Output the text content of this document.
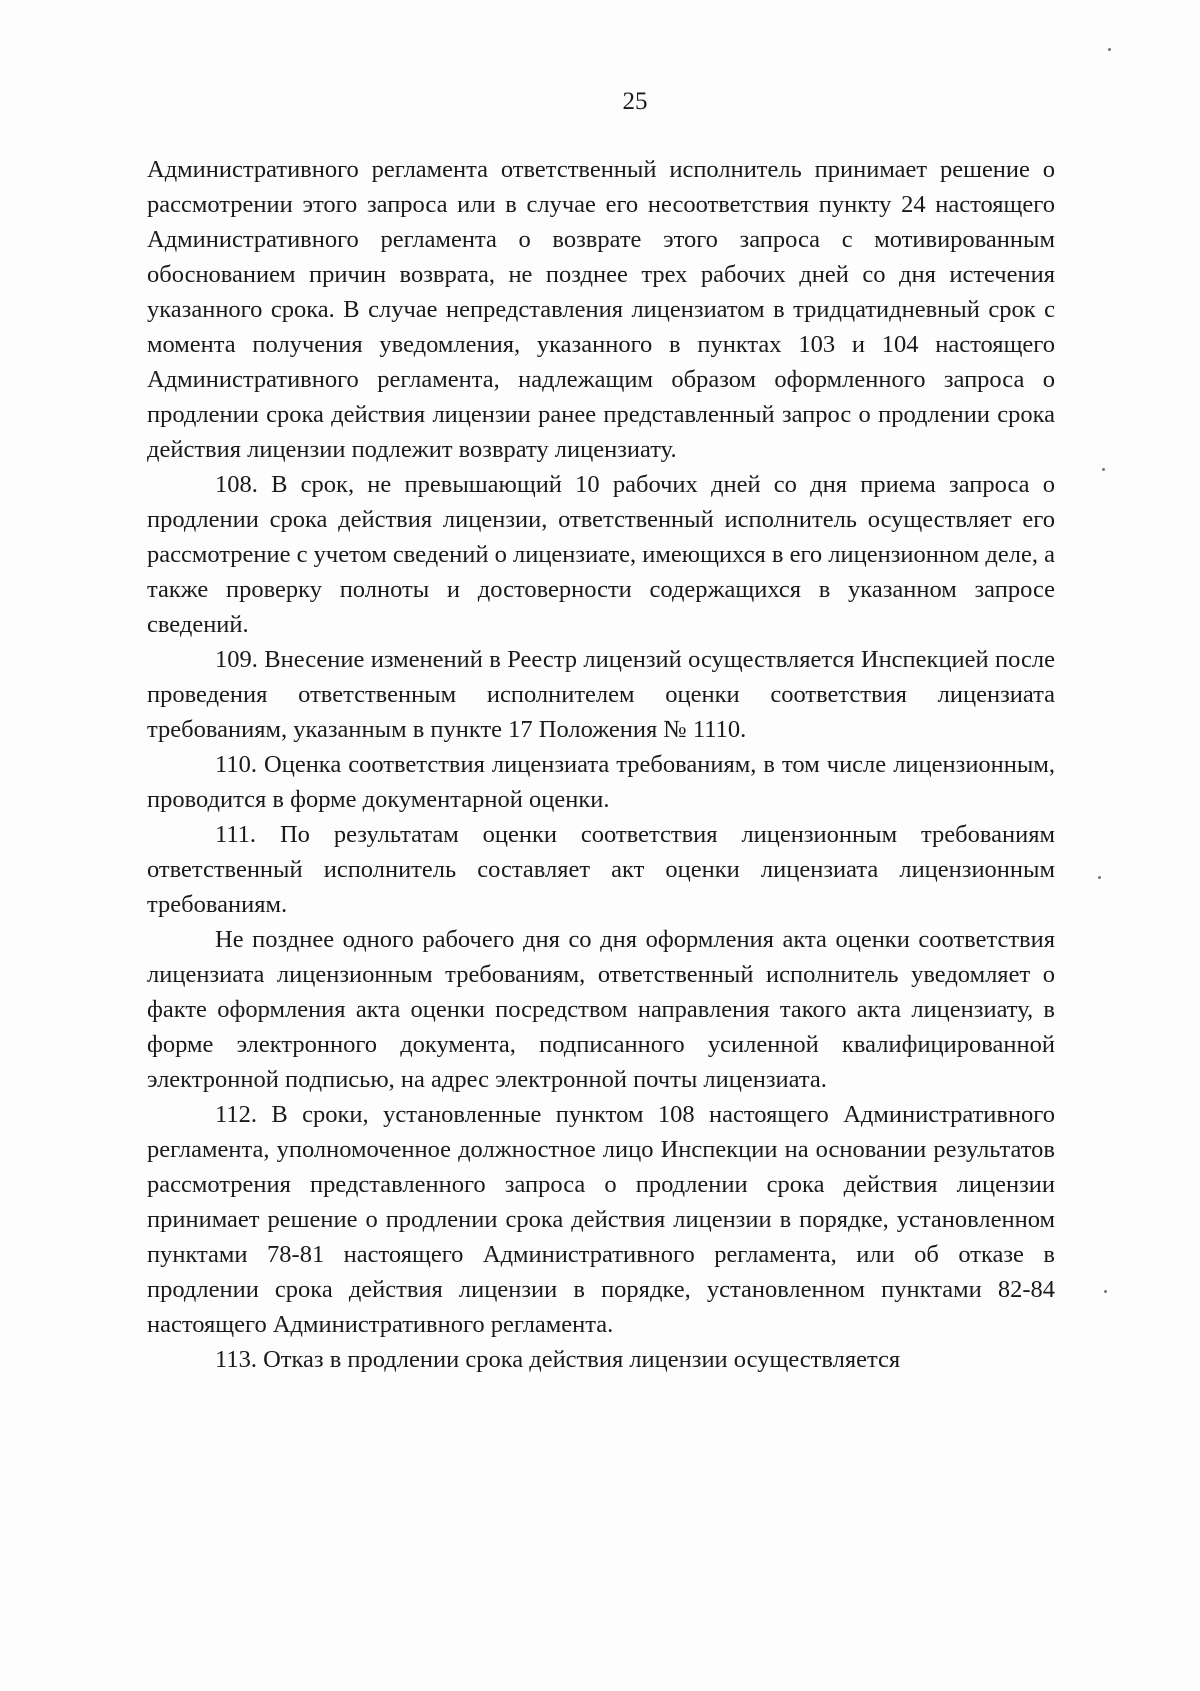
25

Административного регламента ответственный исполнитель принимает решение о рассмотрении этого запроса или в случае его несоответствия пункту 24 настоящего Административного регламента о возврате этого запроса с мотивированным обоснованием причин возврата, не позднее трех рабочих дней со дня истечения указанного срока. В случае непредставления лицензиатом в тридцатидневный срок с момента получения уведомления, указанного в пунктах 103 и 104 настоящего Административного регламента, надлежащим образом оформленного запроса о продлении срока действия лицензии ранее представленный запрос о продлении срока действия лицензии подлежит возврату лицензиату.

108. В срок, не превышающий 10 рабочих дней со дня приема запроса о продлении срока действия лицензии, ответственный исполнитель осуществляет его рассмотрение с учетом сведений о лицензиате, имеющихся в его лицензионном деле, а также проверку полноты и достоверности содержащихся в указанном запросе сведений.

109. Внесение изменений в Реестр лицензий осуществляется Инспекцией после проведения ответственным исполнителем оценки соответствия лицензиата требованиям, указанным в пункте 17 Положения № 1110.

110. Оценка соответствия лицензиата требованиям, в том числе лицензионным, проводится в форме документарной оценки.

111. По результатам оценки соответствия лицензионным требованиям ответственный исполнитель составляет акт оценки лицензиата лицензионным требованиям.

Не позднее одного рабочего дня со дня оформления акта оценки соответствия лицензиата лицензионным требованиям, ответственный исполнитель уведомляет о факте оформления акта оценки посредством направления такого акта лицензиату, в форме электронного документа, подписанного усиленной квалифицированной электронной подписью, на адрес электронной почты лицензиата.

112. В сроки, установленные пунктом 108 настоящего Административного регламента, уполномоченное должностное лицо Инспекции на основании результатов рассмотрения представленного запроса о продлении срока действия лицензии принимает решение о продлении срока действия лицензии в порядке, установленном пунктами 78-81 настоящего Административного регламента, или об отказе в продлении срока действия лицензии в порядке, установленном пунктами 82-84 настоящего Административного регламента.

113. Отказ в продлении срока действия лицензии осуществляется
